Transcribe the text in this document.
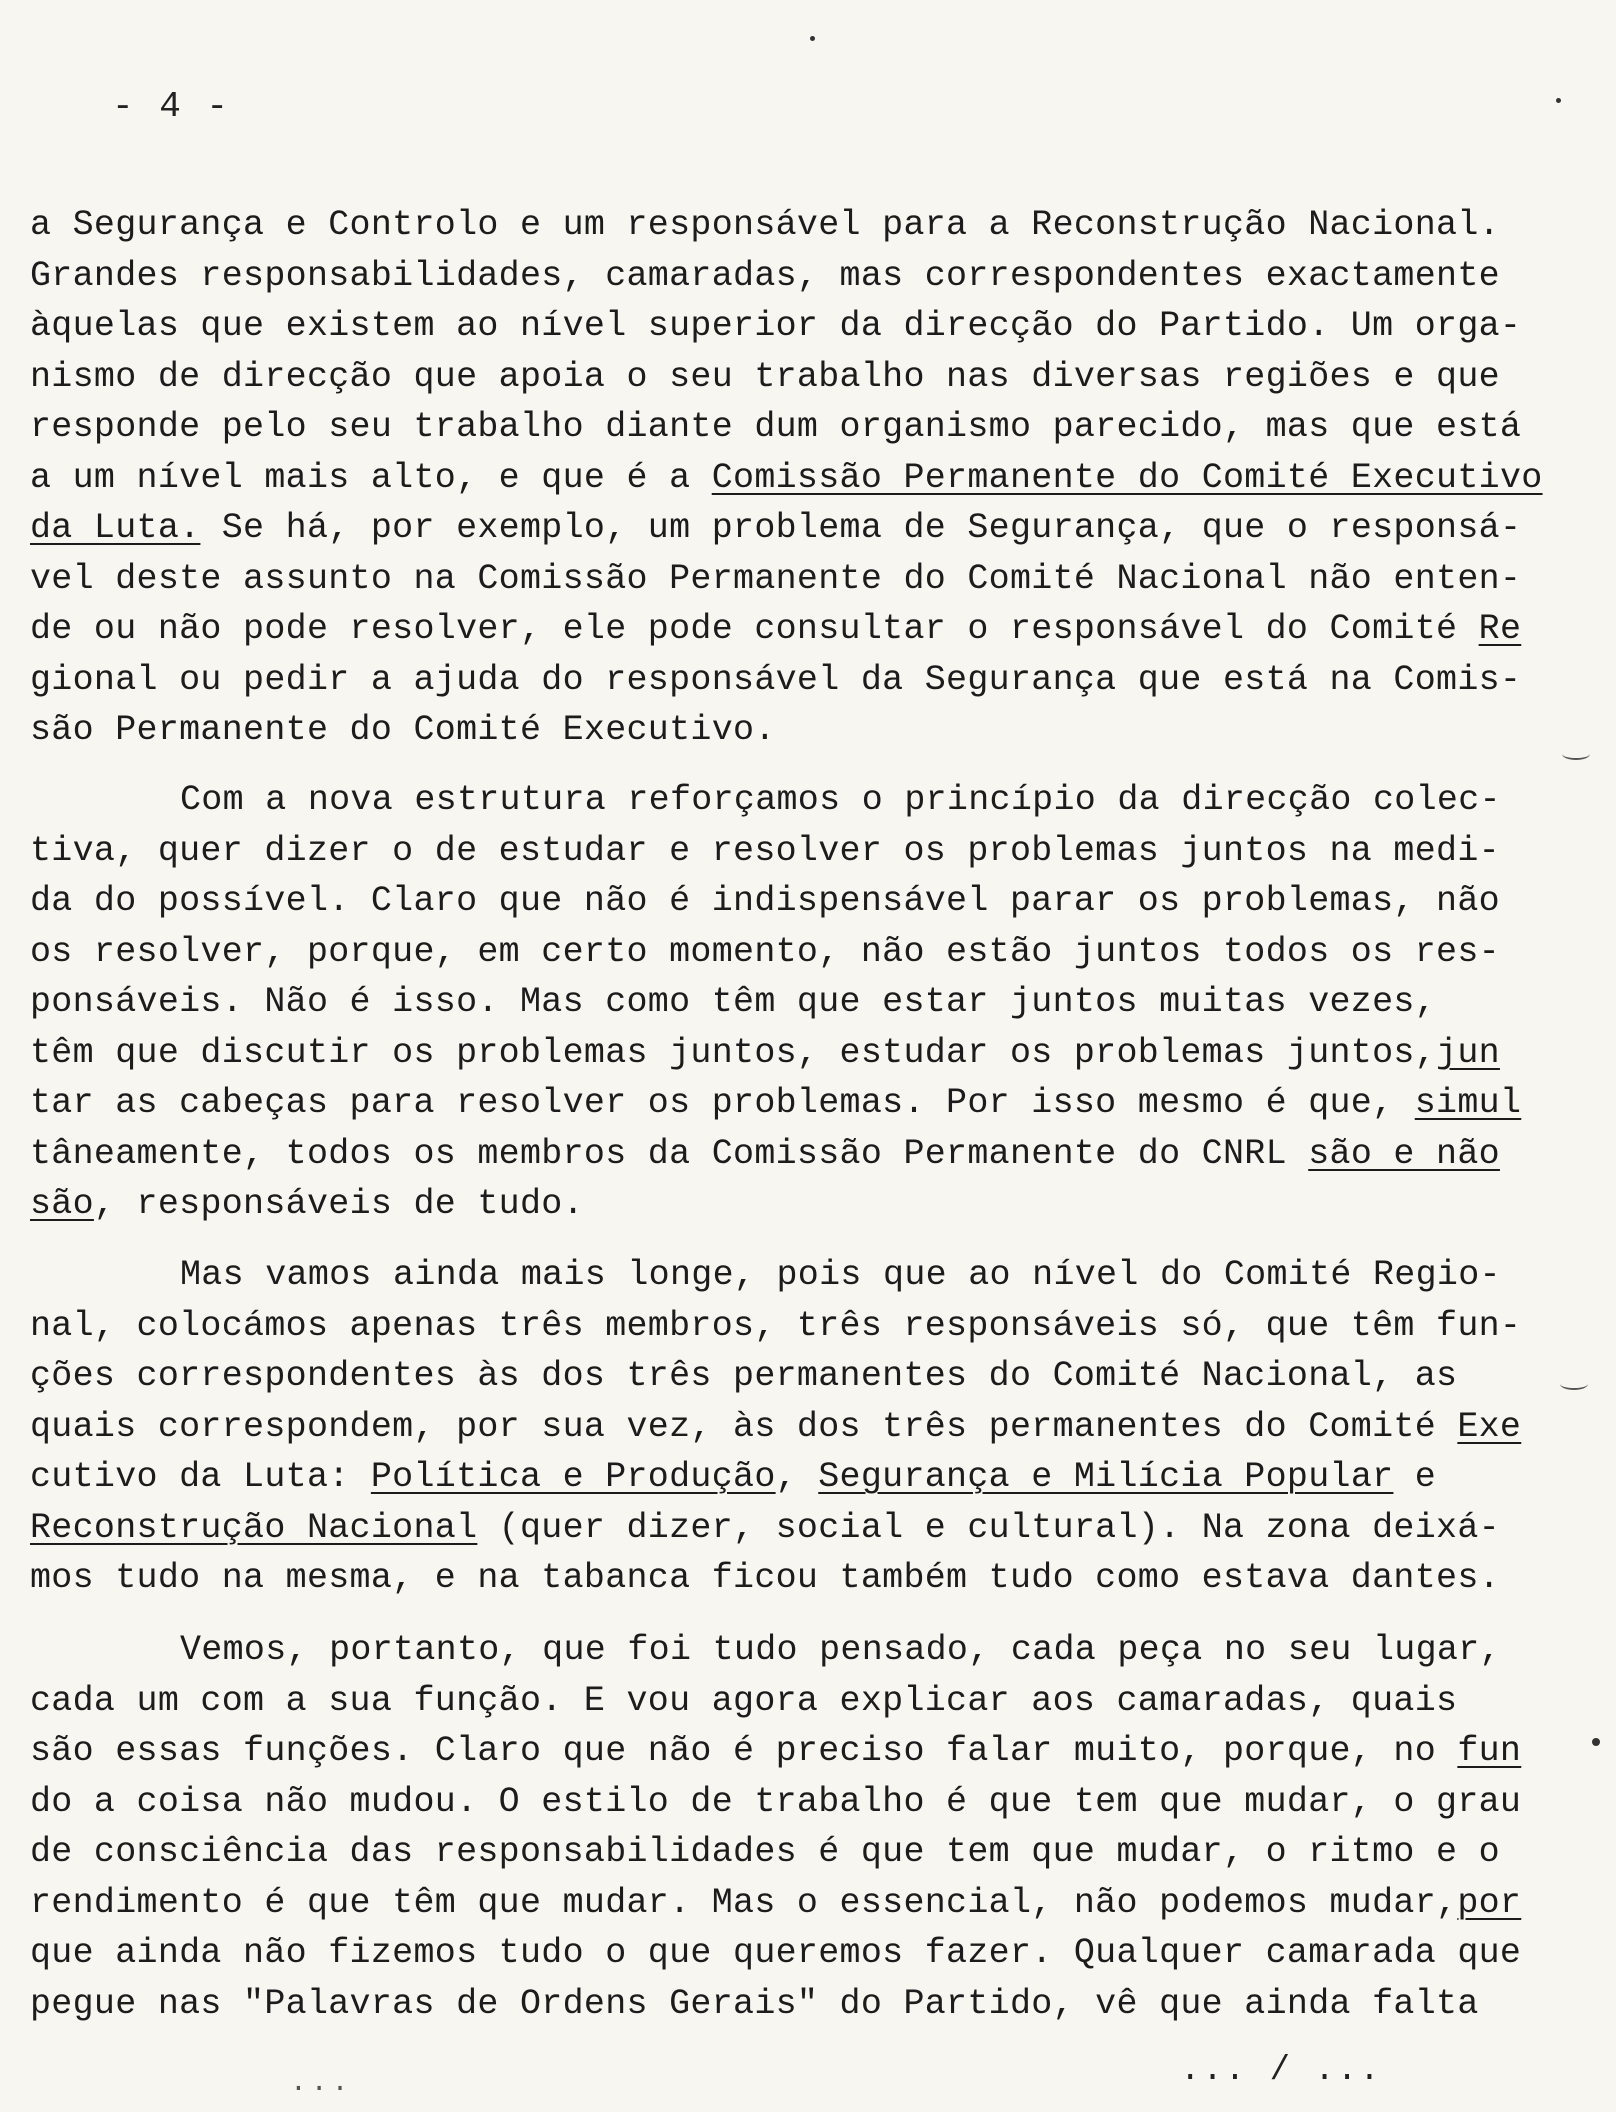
- 4 -
a Segurança e Controlo e um responsável para a Reconstrução Nacional.
Grandes responsabilidades, camaradas, mas correspondentes exactamente
àquelas que existem ao nível superior da direcção do Partido. Um orga-
nismo de direcção que apoia o seu trabalho nas diversas regiões e que
responde pelo seu trabalho diante dum organismo parecido, mas que está
a um nível mais alto, e que é a Comissão Permanente do Comité Executivo
da Luta. Se há, por exemplo, um problema de Segurança, que o responsá-
vel deste assunto na Comissão Permanente do Comité Nacional não enten-
de ou não pode resolver, ele pode consultar o responsável do Comité Re
gional ou pedir a ajuda do responsável da Segurança que está na Comis-
são Permanente do Comité Executivo.
Com a nova estrutura reforçamos o princípio da direcção colec-
tiva, quer dizer o de estudar e resolver os problemas juntos na medi-
da do possível. Claro que não é indispensável parar os problemas, não
os resolver, porque, em certo momento, não estão juntos todos os res-
ponsáveis. Não é isso. Mas como têm que estar juntos muitas vezes,
têm que discutir os problemas juntos, estudar os problemas juntos,jun
tar as cabeças para resolver os problemas. Por isso mesmo é que, simul
tâneamente, todos os membros da Comissão Permanente do CNRL são e não
são, responsáveis de tudo.
Mas vamos ainda mais longe, pois que ao nível do Comité Regio-
nal, colocámos apenas três membros, três responsáveis só, que têm fun-
ções correspondentes às dos três permanentes do Comité Nacional, as
quais correspondem, por sua vez, às dos três permanentes do Comité Exe
cutivo da Luta: Política e Produção, Segurança e Milícia Popular e
Reconstrução Nacional (quer dizer, social e cultural). Na zona deixá-
mos tudo na mesma, e na tabanca ficou também tudo como estava dantes.
Vemos, portanto, que foi tudo pensado, cada peça no seu lugar,
cada um com a sua função. E vou agora explicar aos camaradas, quais
são essas funções. Claro que não é preciso falar muito, porque, no fun
do a coisa não mudou. O estilo de trabalho é que tem que mudar, o grau
de consciência das responsabilidades é que tem que mudar, o ritmo e o
rendimento é que têm que mudar. Mas o essencial, não podemos mudar,por
que ainda não fizemos tudo o que queremos fazer. Qualquer camarada que
pegue nas "Palavras de Ordens Gerais" do Partido, vê que ainda falta
... / ...
...
